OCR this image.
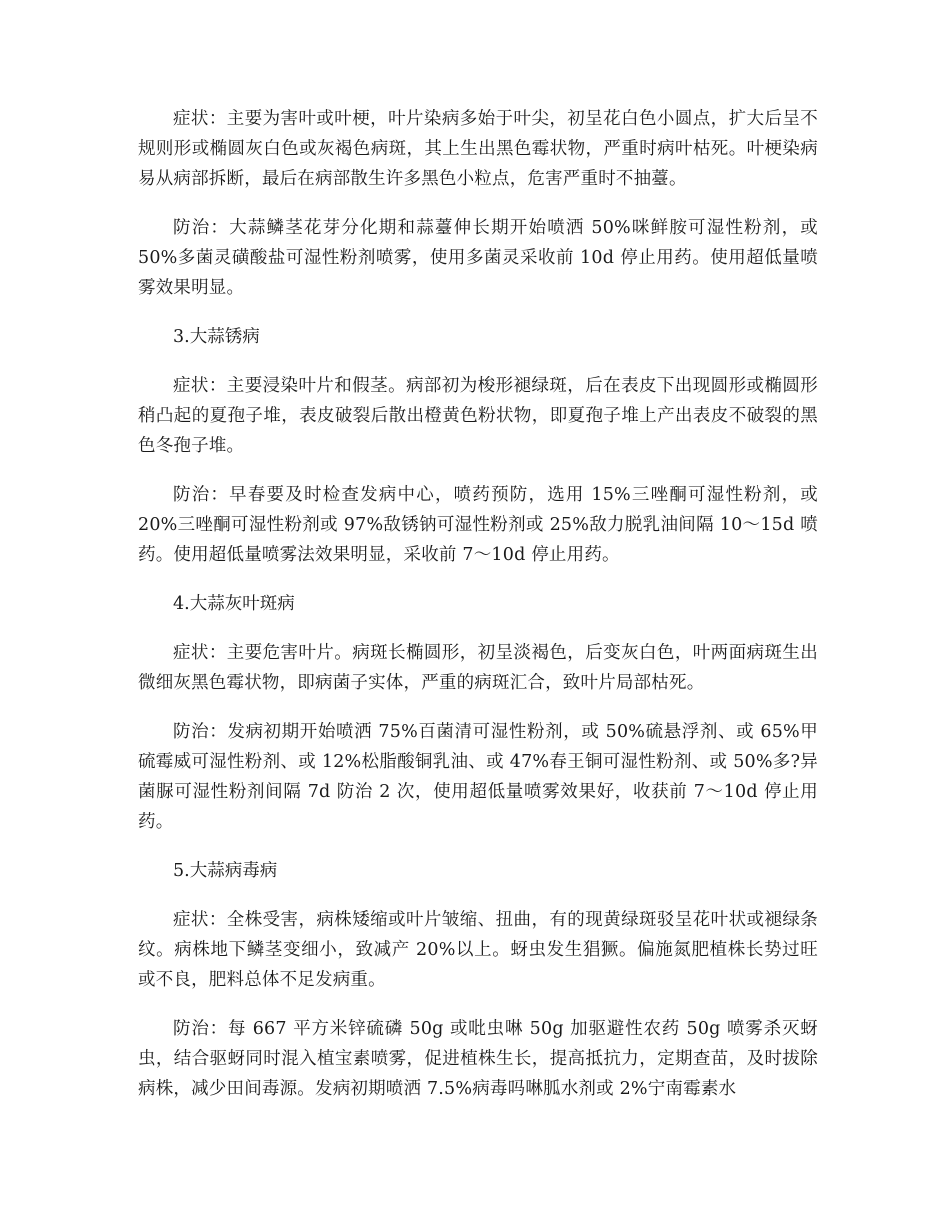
症状：主要为害叶或叶梗，叶片染病多始于叶尖，初呈花白色小圆点，扩大后呈不规则形或椭圆灰白色或灰褐色病斑，其上生出黑色霉状物，严重时病叶枯死。叶梗染病易从病部拆断，最后在病部散生许多黑色小粒点，危害严重时不抽薹。

防治：大蒜鳞茎花芽分化期和蒜薹伸长期开始喷洒 50%咪鲜胺可湿性粉剂，或 50%多菌灵磺酸盐可湿性粉剂喷雾，使用多菌灵采收前 10d 停止用药。使用超低量喷雾效果明显。

3.大蒜锈病

症状：主要浸染叶片和假茎。病部初为梭形褪绿斑，后在表皮下出现圆形或椭圆形稍凸起的夏孢子堆，表皮破裂后散出橙黄色粉状物，即夏孢子堆上产出表皮不破裂的黑色冬孢子堆。

防治：早春要及时检查发病中心，喷药预防，选用 15%三唑酮可湿性粉剂，或 20%三唑酮可湿性粉剂或 97%敌锈钠可湿性粉剂或 25%敌力脱乳油间隔 10～15d 喷药。使用超低量喷雾法效果明显，采收前 7～10d 停止用药。

4.大蒜灰叶斑病

症状：主要危害叶片。病斑长椭圆形，初呈淡褐色，后变灰白色，叶两面病斑生出微细灰黑色霉状物，即病菌子实体，严重的病斑汇合，致叶片局部枯死。

防治：发病初期开始喷洒 75%百菌清可湿性粉剂，或 50%硫悬浮剂、或 65%甲硫霉威可湿性粉剂、或 12%松脂酸铜乳油、或 47%春王铜可湿性粉剂、或 50%多?异菌脲可湿性粉剂间隔 7d 防治 2 次，使用超低量喷雾效果好，收获前 7～10d 停止用药。

5.大蒜病毒病

症状：全株受害，病株矮缩或叶片皱缩、扭曲，有的现黄绿斑驳呈花叶状或褪绿条纹。病株地下鳞茎变细小，致减产 20%以上。蚜虫发生猖獗。偏施氮肥植株长势过旺或不良，肥料总体不足发病重。

防治：每 667 平方米锌硫磷 50g 或吡虫啉 50g 加驱避性农药 50g 喷雾杀灭蚜虫，结合驱蚜同时混入植宝素喷雾，促进植株生长，提高抵抗力，定期查苗，及时拔除病株，减少田间毒源。发病初期喷洒 7.5%病毒吗啉胍水剂或 2%宁南霉素水
